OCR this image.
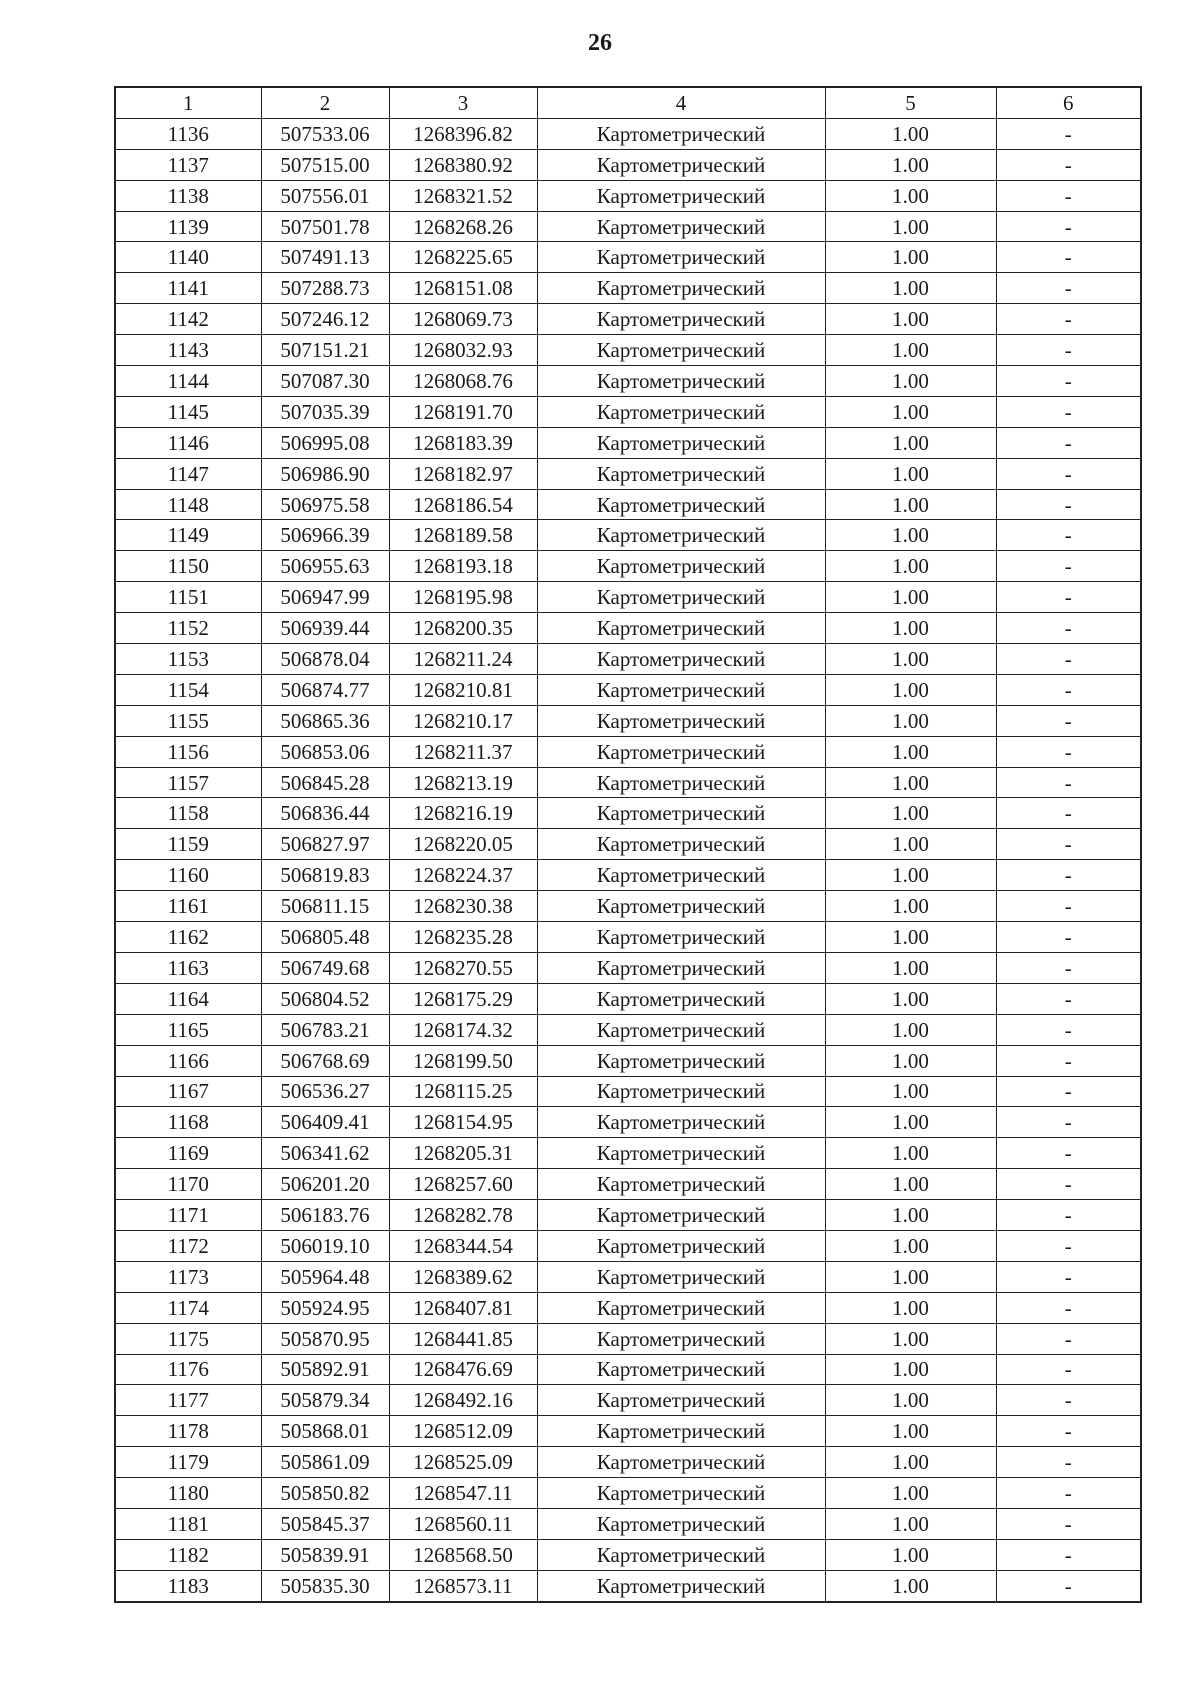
26
1	2	3	4	5	6
1136	507533.06	1268396.82	Картометрический	1.00	-
1137	507515.00	1268380.92	Картометрический	1.00	-
1138	507556.01	1268321.52	Картометрический	1.00	-
1139	507501.78	1268268.26	Картометрический	1.00	-
1140	507491.13	1268225.65	Картометрический	1.00	-
1141	507288.73	1268151.08	Картометрический	1.00	-
1142	507246.12	1268069.73	Картометрический	1.00	-
1143	507151.21	1268032.93	Картометрический	1.00	-
1144	507087.30	1268068.76	Картометрический	1.00	-
1145	507035.39	1268191.70	Картометрический	1.00	-
1146	506995.08	1268183.39	Картометрический	1.00	-
1147	506986.90	1268182.97	Картометрический	1.00	-
1148	506975.58	1268186.54	Картометрический	1.00	-
1149	506966.39	1268189.58	Картометрический	1.00	-
1150	506955.63	1268193.18	Картометрический	1.00	-
1151	506947.99	1268195.98	Картометрический	1.00	-
1152	506939.44	1268200.35	Картометрический	1.00	-
1153	506878.04	1268211.24	Картометрический	1.00	-
1154	506874.77	1268210.81	Картометрический	1.00	-
1155	506865.36	1268210.17	Картометрический	1.00	-
1156	506853.06	1268211.37	Картометрический	1.00	-
1157	506845.28	1268213.19	Картометрический	1.00	-
1158	506836.44	1268216.19	Картометрический	1.00	-
1159	506827.97	1268220.05	Картометрический	1.00	-
1160	506819.83	1268224.37	Картометрический	1.00	-
1161	506811.15	1268230.38	Картометрический	1.00	-
1162	506805.48	1268235.28	Картометрический	1.00	-
1163	506749.68	1268270.55	Картометрический	1.00	-
1164	506804.52	1268175.29	Картометрический	1.00	-
1165	506783.21	1268174.32	Картометрический	1.00	-
1166	506768.69	1268199.50	Картометрический	1.00	-
1167	506536.27	1268115.25	Картометрический	1.00	-
1168	506409.41	1268154.95	Картометрический	1.00	-
1169	506341.62	1268205.31	Картометрический	1.00	-
1170	506201.20	1268257.60	Картометрический	1.00	-
1171	506183.76	1268282.78	Картометрический	1.00	-
1172	506019.10	1268344.54	Картометрический	1.00	-
1173	505964.48	1268389.62	Картометрический	1.00	-
1174	505924.95	1268407.81	Картометрический	1.00	-
1175	505870.95	1268441.85	Картометрический	1.00	-
1176	505892.91	1268476.69	Картометрический	1.00	-
1177	505879.34	1268492.16	Картометрический	1.00	-
1178	505868.01	1268512.09	Картометрический	1.00	-
1179	505861.09	1268525.09	Картометрический	1.00	-
1180	505850.82	1268547.11	Картометрический	1.00	-
1181	505845.37	1268560.11	Картометрический	1.00	-
1182	505839.91	1268568.50	Картометрический	1.00	-
1183	505835.30	1268573.11	Картометрический	1.00	-
